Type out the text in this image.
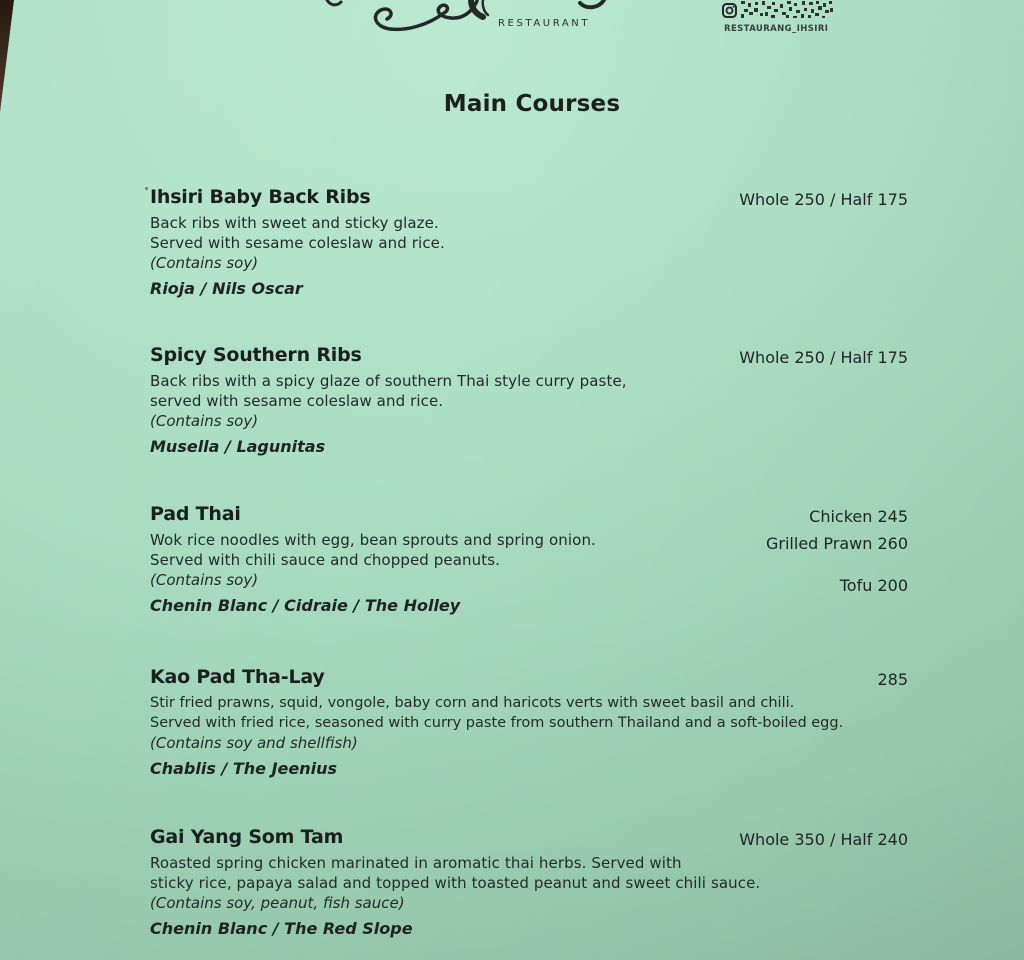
RESTAURANT	RESTAURANG_IHSIRI
Main Courses
Ihsiri Baby Back Ribs	Whole 250 / Half 175

Back ribs with sweet and sticky glaze.

Served with sesame coleslaw and rice.

(Contains soy)

Rioja / Nils Oscar

Spicy Southern Ribs	Whole 250 / Half 175

Back ribs with a spicy glaze of southern Thai style curry paste,

served with sesame coleslaw and rice.

(Contains soy)

Musella / Lagunitas

Pad Thai	Chicken 245
Grilled Prawn 260
Tofu 200

Wok rice noodles with egg, bean sprouts and spring onion.

Served with chili sauce and chopped peanuts.

(Contains soy)

Chenin Blanc / Cidraie / The Holley

Kao Pad Tha-Lay	285

Stir fried prawns, squid, vongole, baby corn and haricots verts with sweet basil and chili.

Served with fried rice, seasoned with curry paste from southern Thailand and a soft-boiled egg.

(Contains soy and shellfish)

Chablis / The Jeenius

Gai Yang Som Tam	Whole 350 / Half 240

Roasted spring chicken marinated in aromatic thai herbs. Served with

sticky rice, papaya salad and topped with toasted peanut and sweet chili sauce.

(Contains soy, peanut, fish sauce)

Chenin Blanc / The Red Slope
